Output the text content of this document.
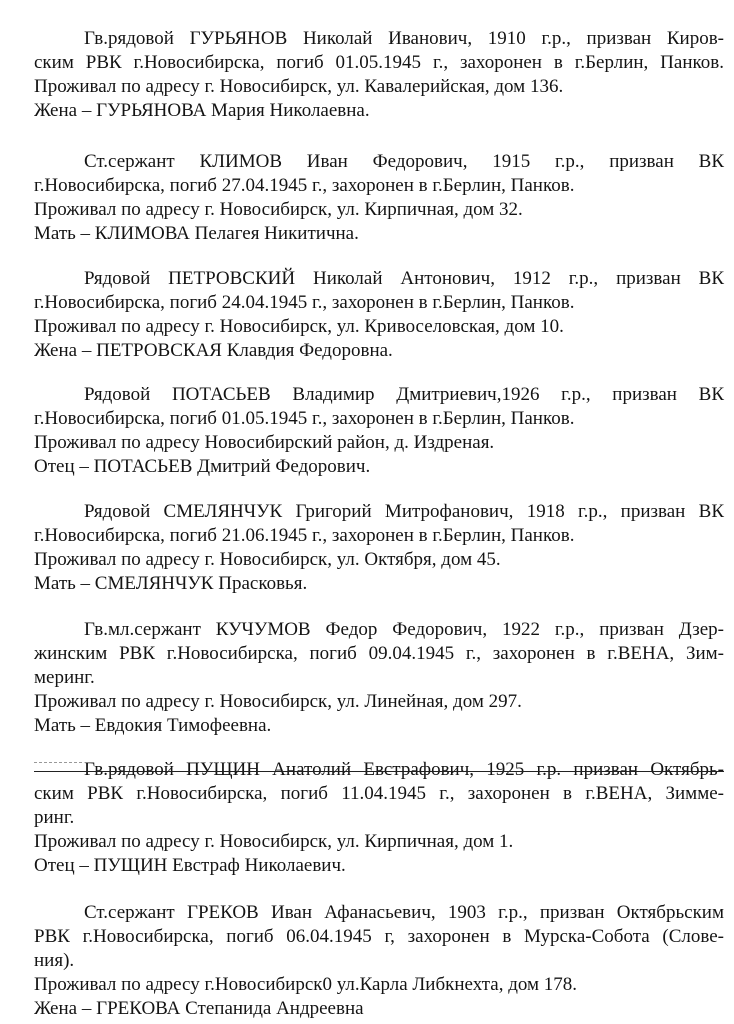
Гв.рядовой ГУРЬЯНОВ Николай Иванович, 1910 г.р., призван Киров-
ским РВК г.Новосибирска, погиб 01.05.1945 г., захоронен в г.Берлин, Панков.
Проживал по адресу г. Новосибирск, ул. Кавалерийская, дом 136.
Жена – ГУРЬЯНОВА Мария Николаевна.
Ст.сержант КЛИМОВ Иван Федорович, 1915 г.р., призван ВК
г.Новосибирска, погиб 27.04.1945 г., захоронен в г.Берлин, Панков.
Проживал по адресу г. Новосибирск, ул. Кирпичная, дом 32.
Мать – КЛИМОВА Пелагея Никитична.
Рядовой ПЕТРОВСКИЙ Николай Антонович, 1912 г.р., призван ВК
г.Новосибирска, погиб 24.04.1945 г., захоронен в г.Берлин, Панков.
Проживал по адресу г. Новосибирск, ул. Кривоселовская, дом 10.
Жена – ПЕТРОВСКАЯ Клавдия Федоровна.
Рядовой ПОТАСЬЕВ Владимир Дмитриевич,1926 г.р., призван ВК
г.Новосибирска, погиб 01.05.1945 г., захоронен в г.Берлин, Панков.
Проживал по адресу Новосибирский район, д. Издреная.
Отец – ПОТАСЬЕВ Дмитрий Федорович.
Рядовой СМЕЛЯНЧУК Григорий Митрофанович, 1918 г.р., призван ВК
г.Новосибирска, погиб 21.06.1945 г., захоронен в г.Берлин, Панков.
Проживал по адресу г. Новосибирск, ул. Октября, дом 45.
Мать – СМЕЛЯНЧУК Прасковья.
Гв.мл.сержант КУЧУМОВ Федор Федорович, 1922 г.р., призван Дзер-
жинским РВК г.Новосибирска, погиб 09.04.1945 г., захоронен в г.ВЕНА, Зим-
меринг.
Проживал по адресу г. Новосибирск, ул. Линейная, дом 297.
Мать – Евдокия Тимофеевна.
Гв.рядовой ПУЩИН Анатолий Евстрафович, 1925 г.р. призван Октябрь-
ским РВК г.Новосибирска, погиб 11.04.1945 г., захоронен в г.ВЕНА, Зимме-
ринг.
Проживал по адресу г. Новосибирск, ул. Кирпичная, дом 1.
Отец – ПУЩИН Евстраф Николаевич.
Ст.сержант ГРЕКОВ Иван Афанасьевич, 1903 г.р., призван Октябрьским
РВК г.Новосибирска, погиб 06.04.1945 г, захоронен в Мурска-Собота (Слове-
ния).
Проживал по адресу г.Новосибирск0 ул.Карла Либкнехта, дом 178.
Жена – ГРЕКОВА Степанида Андреевна
